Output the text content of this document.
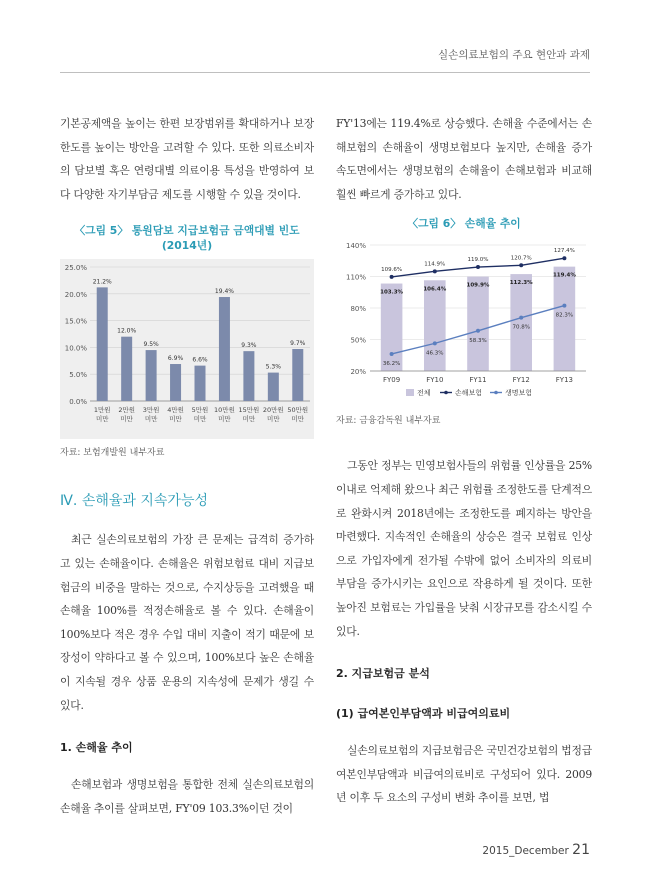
실손의료보험의 주요 현안과 과제

기본공제액을 높이는 한편 보장범위를 확대하거나 보장 한도를 높이는 방안을 고려할 수 있다. 또한 의료소비자의 담보별 혹은 연령대별 의료이용 특성을 반영하여 보다 다양한 자기부담금 제도를 시행할 수 있을 것이다.

〈그림 5〉 통원담보 지급보험금 금액대별 빈도(2014년)

0.0%
5.0%
10.0%
15.0%
20.0%
25.0%
21.2%
1만원
미만
12.0%
2만원
미만
9.5%
3만원
미만
6.9%
4만원
미만
6.6%
5만원
미만
19.4%
10만원
미만
9.3%
15만원
미만
5.3%
20만원
미만
9.7%
50만원
미만

자료: 보험개발원 내부자료

Ⅳ. 손해율과 지속가능성

최근 실손의료보험의 가장 큰 문제는 급격히 증가하고 있는 손해율이다. 손해율은 위험보험료 대비 지급보험금의 비중을 말하는 것으로, 수지상등을 고려했을 때 손해율 100%를 적정손해율로 볼 수 있다. 손해율이 100%보다 적은 경우 수입 대비 지출이 적기 때문에 보장성이 약하다고 볼 수 있으며, 100%보다 높은 손해율이 지속될 경우 상품 운용의 지속성에 문제가 생길 수 있다.

1. 손해율 추이

손해보험과 생명보험을 통합한 전체 실손의료보험의 손해율 추이를 살펴보면, FY'09 103.3%이던 것이

FY'13에는 119.4%로 상승했다. 손해율 수준에서는 손해보험의 손해율이 생명보험보다 높지만, 손해율 증가 속도면에서는 생명보험의 손해율이 손해보험과 비교해 훨씬 빠르게 증가하고 있다.

〈그림 6〉 손해율 추이

20%
50%
80%
110%
140%
103.3%
106.4%
109.9%	112.3%
119.4%
FY09	FY10	FY11	FY12	FY13
109.6%
114.9%
119.0%	120.7%
127.4%
36.2%
46.3%
58.3%
70.8%
82.3%
전체	손해보험	생명보험

자료: 금융감독원 내부자료

그동안 정부는 민영보험사들의 위험률 인상률을 25% 이내로 억제해 왔으나 최근 위험률 조정한도를 단계적으로 완화시켜 2018년에는 조정한도를 폐지하는 방안을 마련했다. 지속적인 손해율의 상승은 결국 보험료 인상으로 가입자에게 전가될 수밖에 없어 소비자의 의료비 부담을 증가시키는 요인으로 작용하게 될 것이다. 또한 높아진 보험료는 가입률을 낮춰 시장규모를 감소시킬 수 있다.

2. 지급보험금 분석
(1) 급여본인부담액과 비급여의료비

실손의료보험의 지급보험금은 국민건강보험의 법정급여본인부담액과 비급여의료비로 구성되어 있다. 2009년 이후 두 요소의 구성비 변화 추이를 보면, 법

2015_December 21
